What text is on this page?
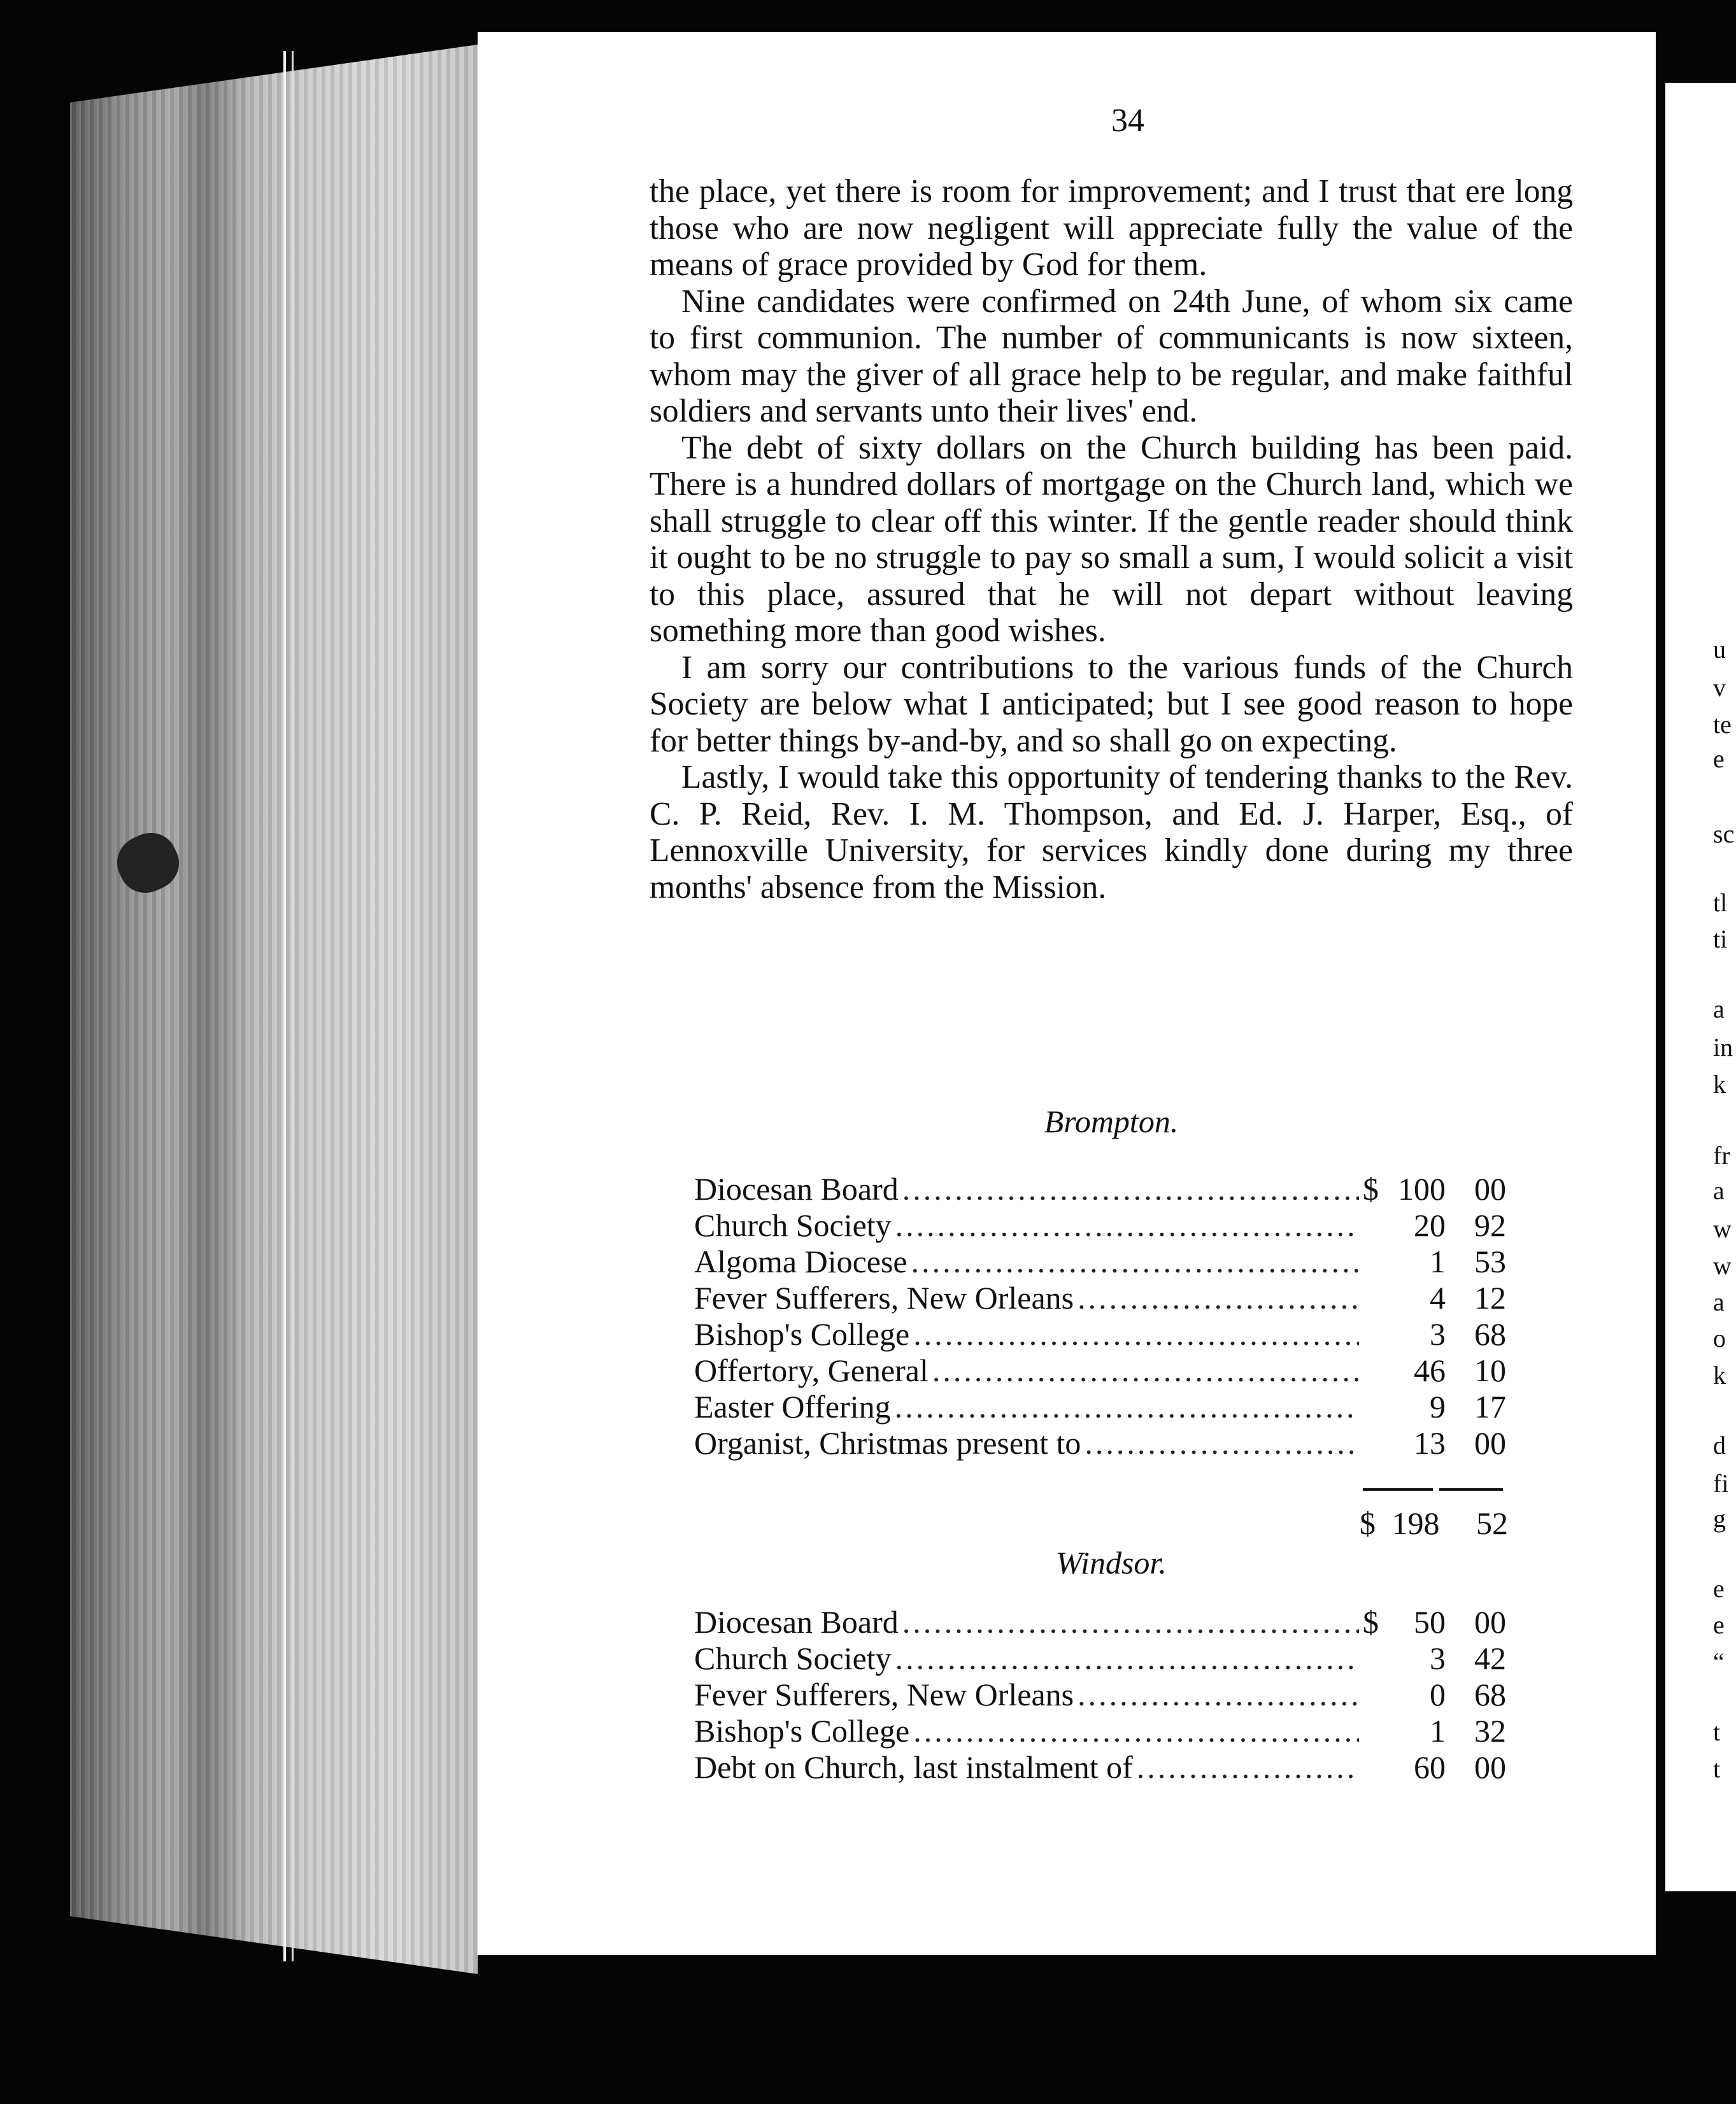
34

the place, yet there is room for improvement; and I trust that ere long those who are now negligent will appreciate fully the value of the means of grace provided by God for them.

Nine candidates were confirmed on 24th June, of whom six came to first communion. The number of communicants is now sixteen, whom may the giver of all grace help to be regular, and make faithful soldiers and servants unto their lives' end.

The debt of sixty dollars on the Church building has been paid. There is a hundred dollars of mortgage on the Church land, which we shall struggle to clear off this winter. If the gentle reader should think it ought to be no struggle to pay so small a sum, I would solicit a visit to this place, assured that he will not depart without leaving something more than good wishes.

I am sorry our contributions to the various funds of the Church Society are below what I anticipated; but I see good reason to hope for better things by-and-by, and so shall go on expecting.

Lastly, I would take this opportunity of tendering thanks to the Rev. C. P. Reid, Rev. I. M. Thompson, and Ed. J. Harper, Esq., of Lennoxville University, for services kindly done during my three months' absence from the Mission.

Brompton.
Diocesan Board .....	$ 100 00
Church Society .....	20 92
Algoma Diocese .....	1 53
Fever Sufferers, New Orleans .....	4 12
Bishop's College .....	3 68
Offertory, General .....	46 10
Easter Offering .....	9 17
Organist, Christmas present to .....	13 00
$ 198 52
Windsor.
Diocesan Board .....	$	50 00
Church Society .....	3 42
Fever Sufferers, New Orleans .....	0 68
Bishop's College .....	1 32
Debt on Church, last instalment of .....	60 00
u
v
te
e
sc
tl
ti
a
in
k
fr
a
w
w
a
o
k
d
fi
g
e
e
“
t
t
